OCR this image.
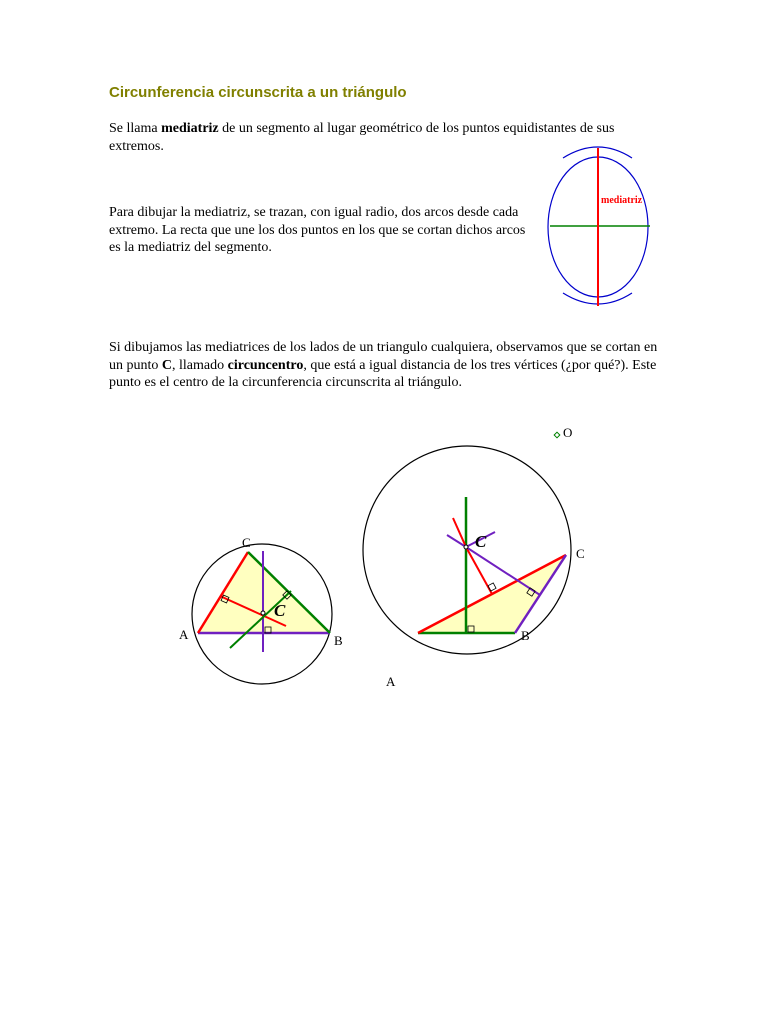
Circunferencia circunscrita a un triángulo

Se llama mediatriz de un segmento al lugar geométrico de los puntos equidistantes de sus extremos.

Para dibujar la mediatriz, se trazan, con igual radio, dos arcos desde cada extremo. La recta que une los dos puntos en los que se cortan dichos arcos es la mediatriz del segmento.

Si dibujamos las mediatrices de los lados de un triangulo cualquiera, observamos que se cortan en un punto C, llamado circuncentro, que está a igual distancia de los tres vértices (¿por qué?). Este punto es el centro de la circunferencia circunscrita al triángulo.

mediatriz
A	B
C
C
A
B
C
C
O
